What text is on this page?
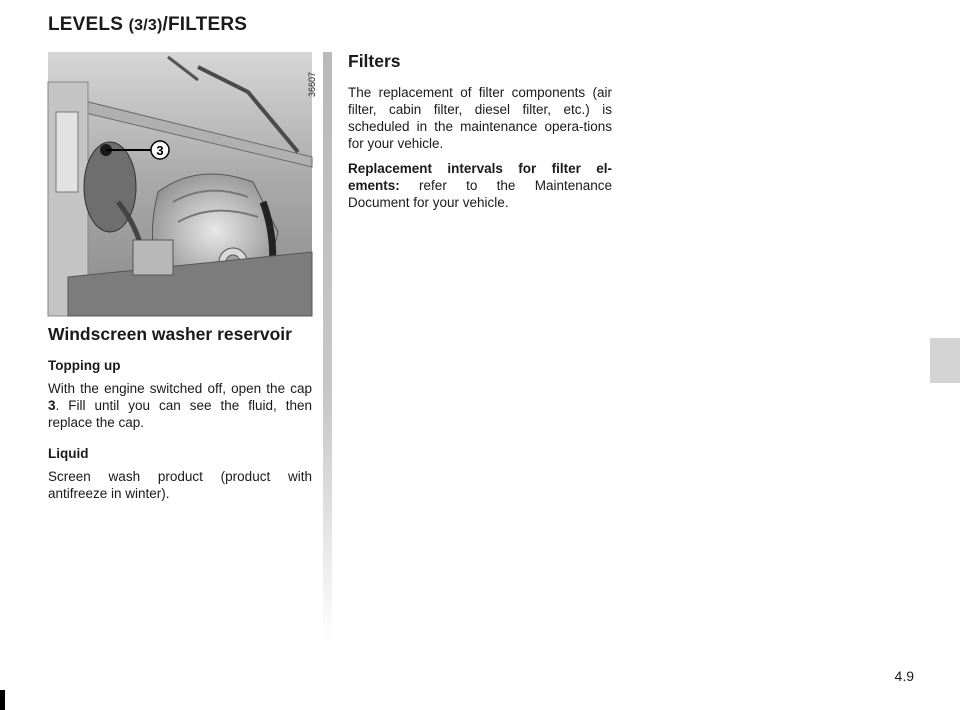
LEVELS (3/3)/FILTERS
3
36607
Windscreen washer reservoir
Topping up

With the engine switched off, open the cap 3. Fill until you can see the fluid, then replace the cap.

Liquid

Screen wash product (product with antifreeze in winter).

Filters

The replacement of filter components (air filter, cabin filter, diesel filter, etc.) is scheduled in the maintenance opera-tions for your vehicle.

Replacement intervals for filter el-ements: refer to the Maintenance Document for your vehicle.

4.9
